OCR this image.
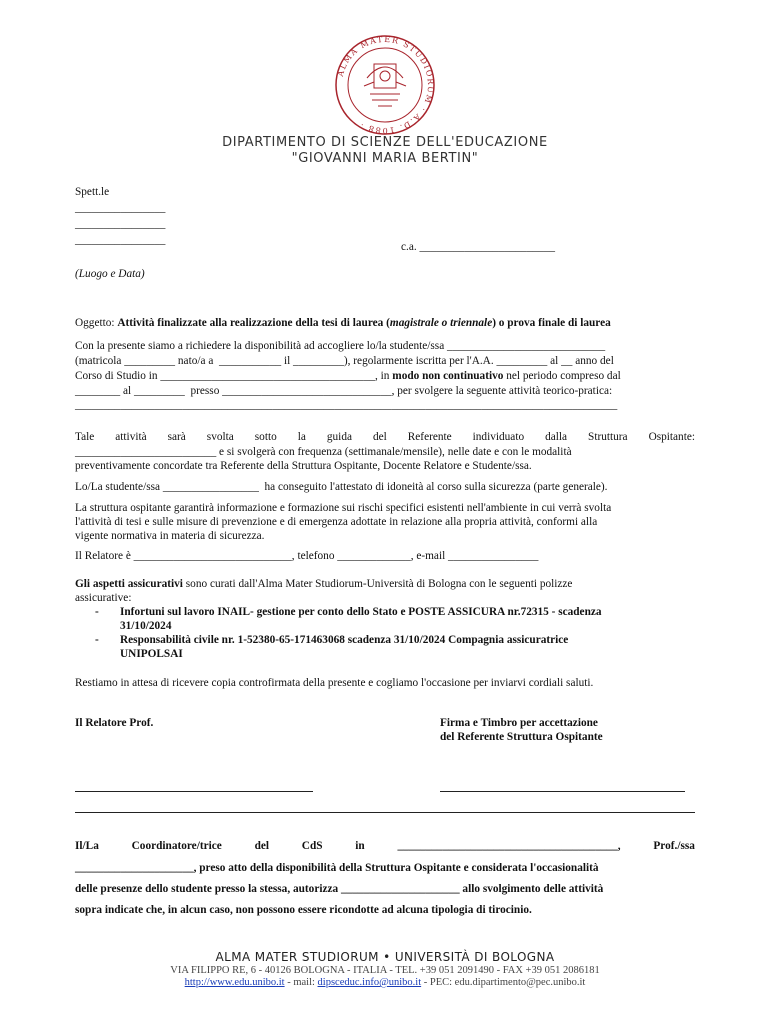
ALMA MATER STUDIORUM · A.D. 1088 ·
DIPARTIMENTO DI SCIENZE DELL'EDUCAZIONE
"GIOVANNI MARIA BERTIN"
Spett.le
________________
________________
________________
c.a. ________________________
(Luogo e Data)
Oggetto: Attività finalizzate alla realizzazione della tesi di laurea (magistrale o triennale) o prova finale di laurea
Con la presente siamo a richiedere la disponibilità ad accogliere lo/la studente/ssa ____________________________
(matricola _________ nato/a a  ___________ il _________), regolarmente iscritta per l'A.A. _________ al __ anno del
Corso di Studio in ______________________________________, in modo non continuativo nel periodo compreso dal
________ al _________  presso ______________________________, per svolgere la seguente attività teorico-pratica:
________________________________________________________________________________________________
Tale attività sarà svolta sotto la guida del Referente individuato dalla Struttura Ospitante:
_________________________ e si svolgerà con frequenza (settimanale/mensile), nelle date e con le modalità
preventivamente concordate tra Referente della Struttura Ospitante, Docente Relatore e Studente/ssa.
Lo/La studente/ssa _________________  ha conseguito l'attestato di idoneità al corso sulla sicurezza (parte generale).
La struttura ospitante garantirà informazione e formazione sui rischi specifici esistenti nell'ambiente in cui verrà svolta
l'attività di tesi e sulle misure di prevenzione e di emergenza adottate in relazione alla propria attività, conformi alla
vigente normativa in materia di sicurezza.
Il Relatore è ____________________________, telefono _____________, e-mail ________________
Gli aspetti assicurativi sono curati dall'Alma Mater Studiorum-Università di Bologna con le seguenti polizze
assicurative:
- Infortuni sul lavoro INAIL- gestione per conto dello Stato e POSTE ASSICURA nr.72315 - scadenza
31/10/2024
- Responsabilità civile nr. 1-52380-65-171463068 scadenza 31/10/2024 Compagnia assicuratrice
UNIPOLSAI
Restiamo in attesa di ricevere copia controfirmata della presente e cogliamo l'occasione per inviarvi cordiali saluti.
Il Relatore Prof.	Firma e Timbro per accettazione
del Referente Struttura Ospitante
Il/La	Coordinatore/trice	del	CdS	in	_______________________________________,	Prof./ssa
_____________________, preso atto della disponibilità della Struttura Ospitante e considerata l'occasionalità
delle presenze dello studente presso la stessa, autorizza _____________________ allo svolgimento delle attività
sopra indicate che, in alcun caso, non possono essere ricondotte ad alcuna tipologia di tirocinio.
ALMA MATER STUDIORUM • UNIVERSITÀ DI BOLOGNA
VIA FILIPPO RE, 6 - 40126 BOLOGNA - ITALIA - TEL. +39 051 2091490 - FAX +39 051 2086181
http://www.edu.unibo.it - mail: dipsceduc.info@unibo.it - PEC: edu.dipartimento@pec.unibo.it
